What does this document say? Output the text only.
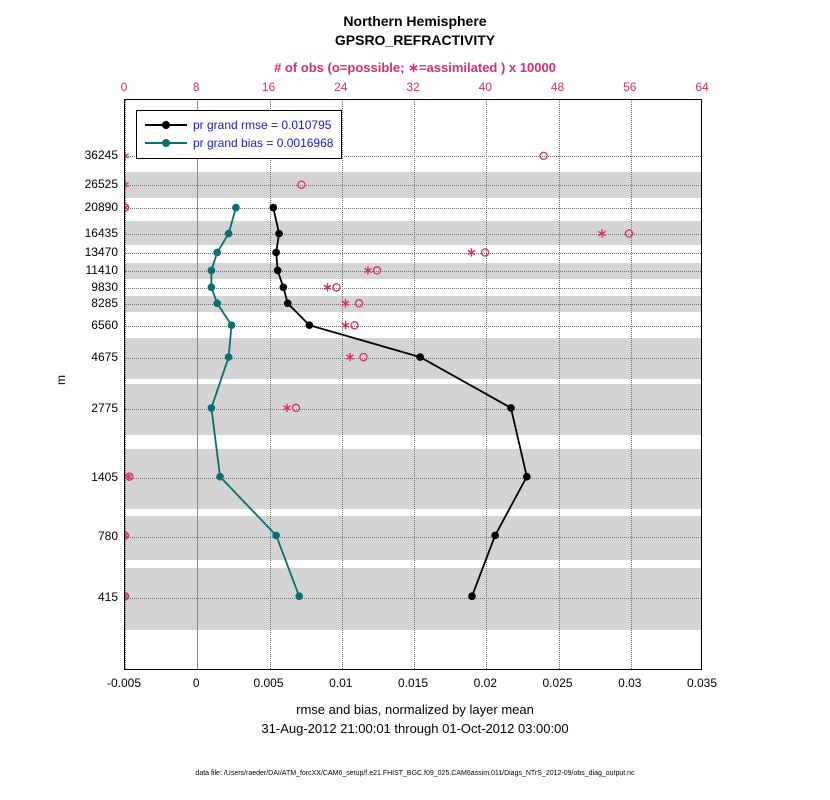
Northern Hemisphere
GPSRO_REFRACTIVITY
# of obs (o=possible; ∗=assimilated ) x 10000
0	8	16	24	32	40	48	56	64
-0.005	0	0.005	0.01	0.015	0.02	0.025	0.03	0.035
36245
26525
20890
16435
13470
11410
9830
8285
6560
4675
2775
1405
780
415
m
pr grand rmse = 0.010795
pr grand bias = 0.0016968
rmse and bias, normalized by layer mean
31-Aug-2012 21:00:01 through 01-Oct-2012 03:00:00
data file: /Users/raeder/DAI/ATM_forcXX/CAM6_setup/f.e21.FHIST_BGC.f09_025.CAM6assim.011/Diags_NTrS_2012-09/obs_diag_output.nc
